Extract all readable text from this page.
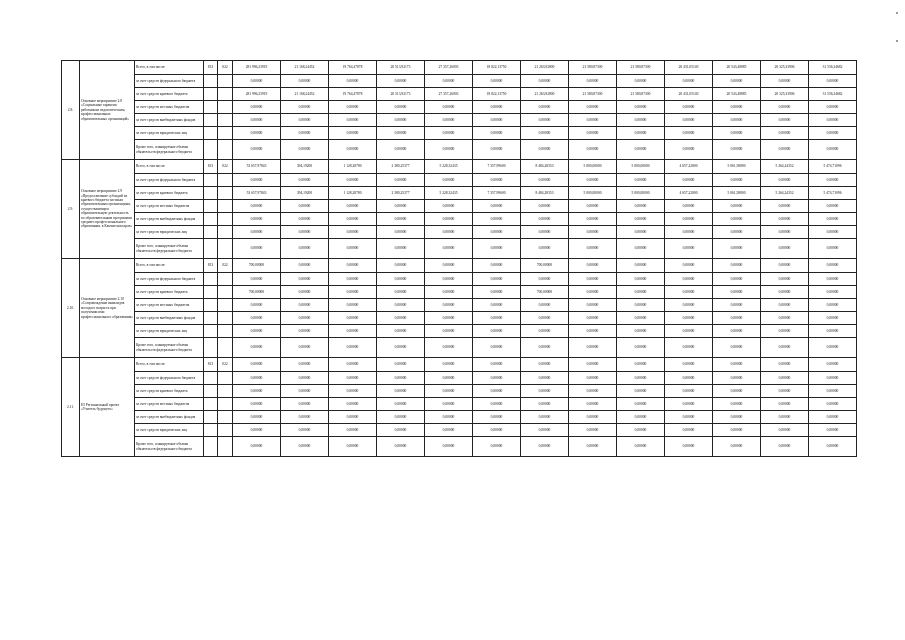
2.8.	Основное мероприятие 2.8 «Социальные гарантии работникам педагогическим, профессиональных образовательных организаций»	Всего, в том числе:	813	022	281 996,23919	21 168,24452	19 764,47878	20 513,92173	27 357,26003	18 822,13750	21 263,92800	21 580,87300	21 580,87300	20 431,05140	20 543,48885	20 325,33906	31 536,34682
		за счет средств федерального бюджета			0,00000	0,00000	0,00000	0,00000	0,00000	0,00000	0,00000	0,00000	0,00000	0,00000	0,00000	0,00000	0,00000
		за счет средств краевого бюджета			281 996,23919	21 168,24452	19 764,47878	20 513,92173	27 357,26003	18 822,13750	21 263,92800	21 580,87300	21 580,87300	20 431,05140	20 543,48885	20 325,33906	31 536,34682
		за счет средств местных бюджетов			0,00000	0,00000	0,00000	0,00000	0,00000	0,00000	0,00000	0,00000	0,00000	0,00000	0,00000	0,00000	0,00000
		за счет средств внебюджетных фондов			0,00000	0,00000	0,00000	0,00000	0,00000	0,00000	0,00000	0,00000	0,00000	0,00000	0,00000	0,00000	0,00000
		за счет средств юридических лиц			0,00000	0,00000	0,00000	0,00000	0,00000	0,00000	0,00000	0,00000	0,00000	0,00000	0,00000	0,00000	0,00000
		Кроме того, планируемые объемы обязательств федерального бюджета			0,00000	0,00000	0,00000	0,00000	0,00000	0,00000	0,00000	0,00000	0,00000	0,00000	0,00000	0,00000	0,00000
2.9.	Основное мероприятие 2.9 «Предоставление субсидий из краевого бюджета частным образовательным организациям, осуществляющим образовательную деятельность по образовательным программам среднего профессионального образования, в Камчатском крае»	Всего, в том числе:	813	022	53 657,97843	394,19200	1 128,28780	2 380,25377	5 228,32435	7 357,99600	8 484,28353	5 000,00000	5 000,00000	4 657,22800	5 061,58800	5 264,24352	5 474,71096
		за счет средств федерального бюджета			0,00000	0,00000	0,00000	0,00000	0,00000	0,00000	0,00000	0,00000	0,00000	0,00000	0,00000	0,00000	0,00000
		за счет средств краевого бюджета			53 657,97843	394,19200	1 128,28780	2 380,25377	5 228,32435	7 357,99600	8 484,28353	5 000,00000	5 000,00000	4 657,22800	5 061,58800	5 264,24352	5 474,71096
		за счет средств местных бюджетов			0,00000	0,00000	0,00000	0,00000	0,00000	0,00000	0,00000	0,00000	0,00000	0,00000	0,00000	0,00000	0,00000
		за счет средств внебюджетных фондов			0,00000	0,00000	0,00000	0,00000	0,00000	0,00000	0,00000	0,00000	0,00000	0,00000	0,00000	0,00000	0,00000
		за счет средств юридических лиц			0,00000	0,00000	0,00000	0,00000	0,00000	0,00000	0,00000	0,00000	0,00000	0,00000	0,00000	0,00000	0,00000
		Кроме того, планируемые объемы обязательств федерального бюджета			0,00000	0,00000	0,00000	0,00000	0,00000	0,00000	0,00000	0,00000	0,00000	0,00000	0,00000	0,00000	0,00000
2.10.	Основное мероприятие 2.10 «Сопровождение инвалидов молодого возраста при получении ими профессионального образования»	Всего, в том числе:	813	022	700,00000	0,00000	0,00000	0,00000	0,00000	0,00000	700,00000	0,00000	0,00000	0,00000	0,00000	0,00000	0,00000
		за счет средств федерального бюджета			0,00000	0,00000	0,00000	0,00000	0,00000	0,00000	0,00000	0,00000	0,00000	0,00000	0,00000	0,00000	0,00000
		за счет средств краевого бюджета			700,00000	0,00000	0,00000	0,00000	0,00000	0,00000	700,00000	0,00000	0,00000	0,00000	0,00000	0,00000	0,00000
		за счет средств местных бюджетов			0,00000	0,00000	0,00000	0,00000	0,00000	0,00000	0,00000	0,00000	0,00000	0,00000	0,00000	0,00000	0,00000
		за счет средств внебюджетных фондов			0,00000	0,00000	0,00000	0,00000	0,00000	0,00000	0,00000	0,00000	0,00000	0,00000	0,00000	0,00000	0,00000
		за счет средств юридических лиц			0,00000	0,00000	0,00000	0,00000	0,00000	0,00000	0,00000	0,00000	0,00000	0,00000	0,00000	0,00000	0,00000
		Кроме того, планируемые объемы обязательств федерального бюджета			0,00000	0,00000	0,00000	0,00000	0,00000	0,00000	0,00000	0,00000	0,00000	0,00000	0,00000	0,00000	0,00000
2.11.	Е5 Региональный проект «Учитель будущего»	Всего, в том числе:	813	022	0,00000	0,00000	0,00000	0,00000	0,00000	0,00000	0,00000	0,00000	0,00000	0,00000	0,00000	0,00000	0,00000
		за счет средств федерального бюджета			0,00000	0,00000	0,00000	0,00000	0,00000	0,00000	0,00000	0,00000	0,00000	0,00000	0,00000	0,00000	0,00000
		за счет средств краевого бюджета			0,00000	0,00000	0,00000	0,00000	0,00000	0,00000	0,00000	0,00000	0,00000	0,00000	0,00000	0,00000	0,00000
		за счет средств местных бюджетов			0,00000	0,00000	0,00000	0,00000	0,00000	0,00000	0,00000	0,00000	0,00000	0,00000	0,00000	0,00000	0,00000
		за счет средств внебюджетных фондов			0,00000	0,00000	0,00000	0,00000	0,00000	0,00000	0,00000	0,00000	0,00000	0,00000	0,00000	0,00000	0,00000
		за счет средств юридических лиц			0,00000	0,00000	0,00000	0,00000	0,00000	0,00000	0,00000	0,00000	0,00000	0,00000	0,00000	0,00000	0,00000
		Кроме того, планируемые объемы обязательств федерального бюджета			0,00000	0,00000	0,00000	0,00000	0,00000	0,00000	0,00000	0,00000	0,00000	0,00000	0,00000	0,00000	0,00000
